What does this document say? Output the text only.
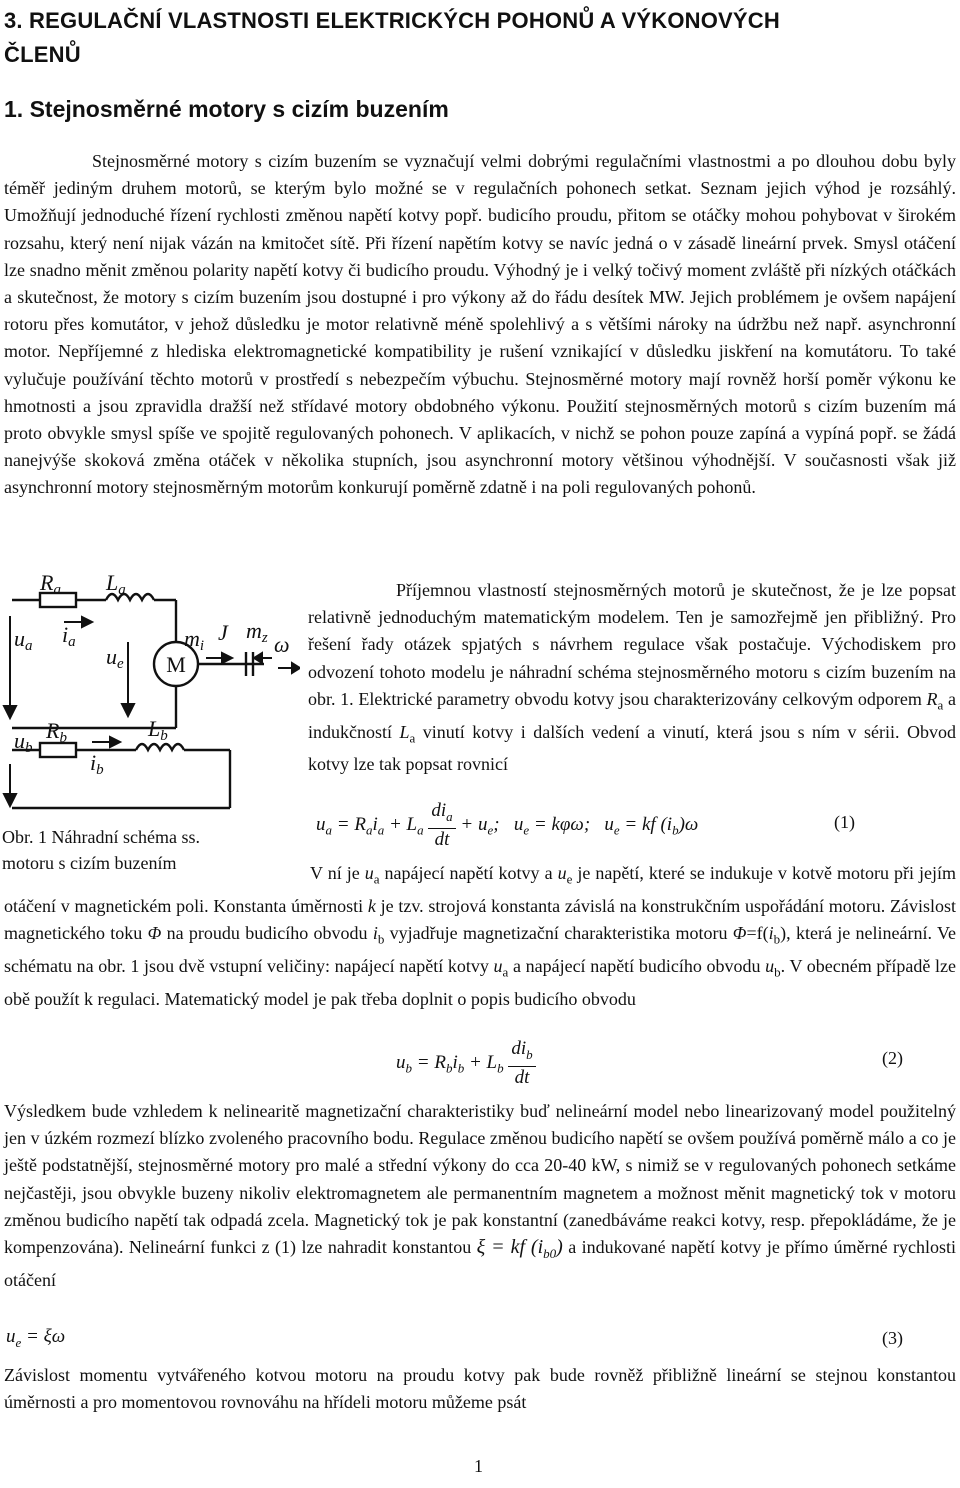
3. REGULAČNÍ VLASTNOSTI ELEKTRICKÝCH POHONŮ A VÝKONOVÝCH ČLENŮ
1. Stejnosměrné motory s cizím buzením
Stejnosměrné motory s cizím buzením se vyznačují velmi dobrými regulačními vlastnostmi a po dlouhou dobu byly téměř jediným druhem motorů, se kterým bylo možné se v regulačních pohonech setkat. Seznam jejich výhod je rozsáhlý. Umožňují jednoduché řízení rychlosti změnou napětí kotvy popř. budicího proudu, přitom se otáčky mohou pohybovat v širokém rozsahu, který není nijak vázán na kmitočet sítě. Při řízení napětím kotvy se navíc jedná o v zásadě lineární prvek. Smysl otáčení lze snadno měnit změnou polarity napětí kotvy či budicího proudu. Výhodný je i velký točivý moment zvláště při nízkých otáčkách a skutečnost, že motory s cizím buzením jsou dostupné i pro výkony až do řádu desítek MW. Jejich problémem je ovšem napájení rotoru přes komutátor, v jehož důsledku je motor relativně méně spolehlivý a s většími nároky na údržbu než např. asynchronní motor. Nepříjemné z hlediska elektromagnetické kompatibility je rušení vznikající v důsledku jiskření na komutátoru. To také vylučuje používání těchto motorů v prostředí s nebezpečím výbuchu. Stejnosměrné motory mají rovněž horší poměr výkonu ke hmotnosti a jsou zpravidla dražší než střídavé motory obdobného výkonu. Použití stejnosměrných motorů s cizím buzením má proto obvykle smysl spíše ve spojitě regulovaných pohonech. V aplikacích, v nichž se pohon pouze zapíná a vypíná popř. se žádá nanejvýše skoková změna otáček v několika stupních, jsou asynchronní motory většinou výhodnější. V současnosti však již asynchronní motory stejnosměrným motorům konkurují poměrně zdatně i na poli regulovaných pohonů.
Ra La
ua ia
ue
mi
J mz ω
ub
Rb
ib
Lb
M
Obr. 1 Náhradní schéma ss.
motoru s cizím buzením
Příjemnou vlastností stejnosměrných motorů je skutečnost, že je lze popsat relativně jednoduchým matematickým modelem. Ten je samozřejmě jen přibližný. Pro řešení řady otázek spjatých s návrhem regulace však postačuje. Východiskem pro odvození tohoto modelu je náhradní schéma stejnosměrného motoru s cizím buzením na obr. 1. Elektrické parametry obvodu kotvy jsou charakterizovány celkovým odporem $R_a$ a indukčností $L_a$ vinutí kotvy i dalších vedení a vinutí, která jsou s ním v sérii. Obvod kotvy lze tak popsat rovnicí
$u_a = R_ai_a + L_a \frac{di_a}{dt} + u_e$; $u_e = k\varphi\omega$; $u_e$ = kf $(i_b)\omega$	(1)
V ní je $u_a$ napájecí napětí kotvy a $u_e$ je napětí, které se indukuje v kotvě motoru při jejím otáčení v magnetickém poli. Konstanta úměrnosti k je tzv. strojová konstanta závislá na konstrukčním uspořádání motoru. Závislost magnetického toku Φ na proudu budicího obvodu $i_b$ vyjadřuje magnetizační charakteristika motoru $\Phi=f(i_b)$, která je nelineární. Ve schématu na obr. 1 jsou dvě vstupní veličiny: napájecí napětí kotvy $u_a$ a napájecí napětí budicího obvodu $u_b$. V obecném případě lze obě použít k regulaci. Matematický model je pak třeba doplnit o popis budicího obvodu
$u_b = R_bi_b + L_b \frac{di_b}{dt}$	(2)
Výsledkem bude vzhledem k nelinearitě magnetizační charakteristiky buď nelineární model nebo linearizovaný model použitelný jen v úzkém rozmezí blízko zvoleného pracovního bodu. Regulace změnou budicího napětí se ovšem používá poměrně málo a co je ještě podstatnější, stejnosměrné motory pro malé a střední výkony do cca 20-40 kW, s nimiž se v regulovaných pohonech setkáme nejčastěji, jsou obvykle buzeny nikoliv elektromagnetem ale permanentním magnetem a možnost měnit magnetický tok v motoru změnou budicího napětí tak odpadá zcela. Magnetický tok je pak konstantní (zanedbáváme reakci kotvy, resp. přepokládáme, že je kompenzována). Nelineární funkci z (1) lze nahradit konstantou ξ = kf $(i_{b0})$ a indukované napětí kotvy je přímo úměrné rychlosti otáčení
$u_e = \xi\omega$	(3)
Závislost momentu vytvářeného kotvou motoru na proudu kotvy pak bude rovněž přibližně lineární se stejnou konstantou úměrnosti a pro momentovou rovnováhu na hřídeli motoru můžeme psát
1
